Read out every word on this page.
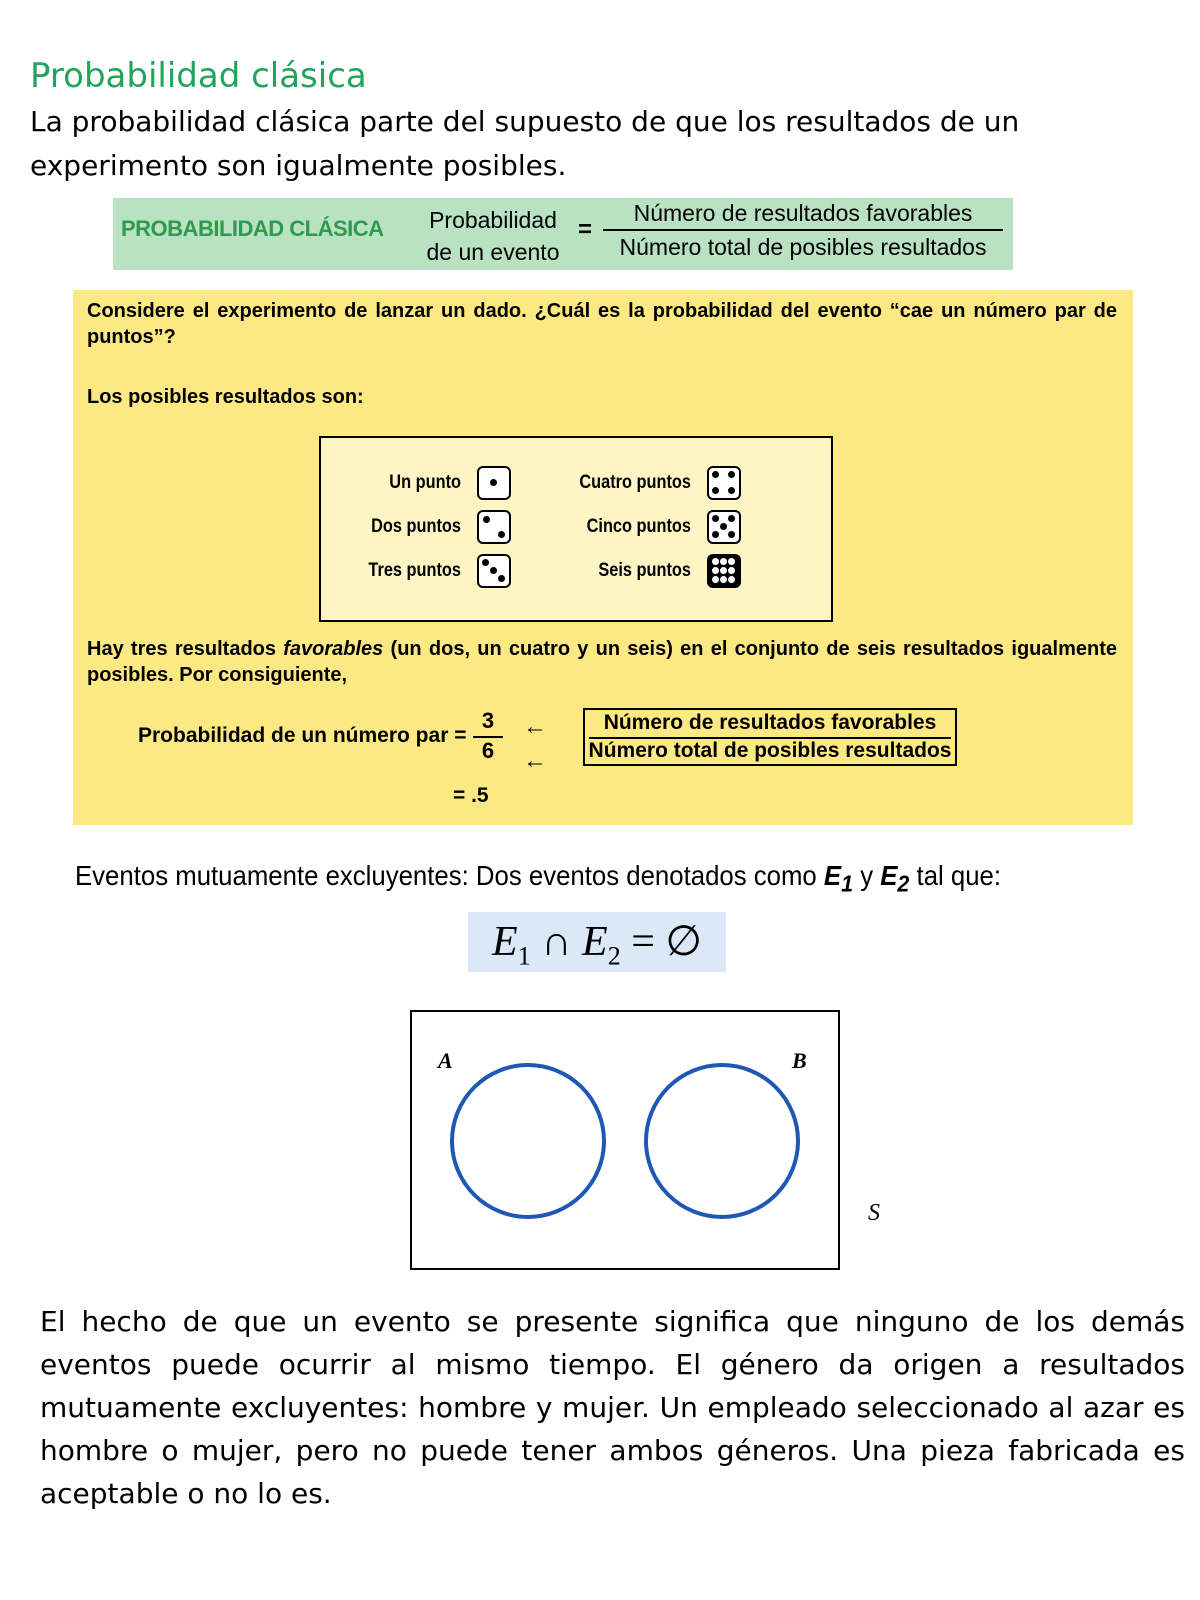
Probabilidad clásica
La probabilidad clásica parte del supuesto de que los resultados de un experimento son igualmente posibles.
PROBABILIDAD CLÁSICA	Probabilidad
de un evento
=
Número de resultados favorables
Número total de posibles resultados
Considere el experimento de lanzar un dado. ¿Cuál es la probabilidad del evento “cae un número par de puntos”?
Los posibles resultados son:
Un punto
Dos puntos
Tres puntos
Cuatro puntos
Cinco puntos
Seis puntos
Hay tres resultados favorables (un dos, un cuatro y un seis) en el conjunto de seis resultados igualmente posibles. Por consiguiente,
Probabilidad de un número par = $\frac{3}{6}$ ←
←
Número de resultados favorables
Número total de posibles resultados
= .5
Eventos mutuamente excluyentes: Dos eventos denotados como $E_1$ y $E_2$ tal que:
$E_1$ ∩ $E_2$ = ∅
A	B
S
El hecho de que un evento se presente significa que ninguno de los demás eventos puede ocurrir al mismo tiempo. El género da origen a resultados mutuamente excluyentes: hombre y mujer. Un empleado seleccionado al azar es hombre o mujer, pero no puede tener ambos géneros. Una pieza fabricada es aceptable o no lo es.
